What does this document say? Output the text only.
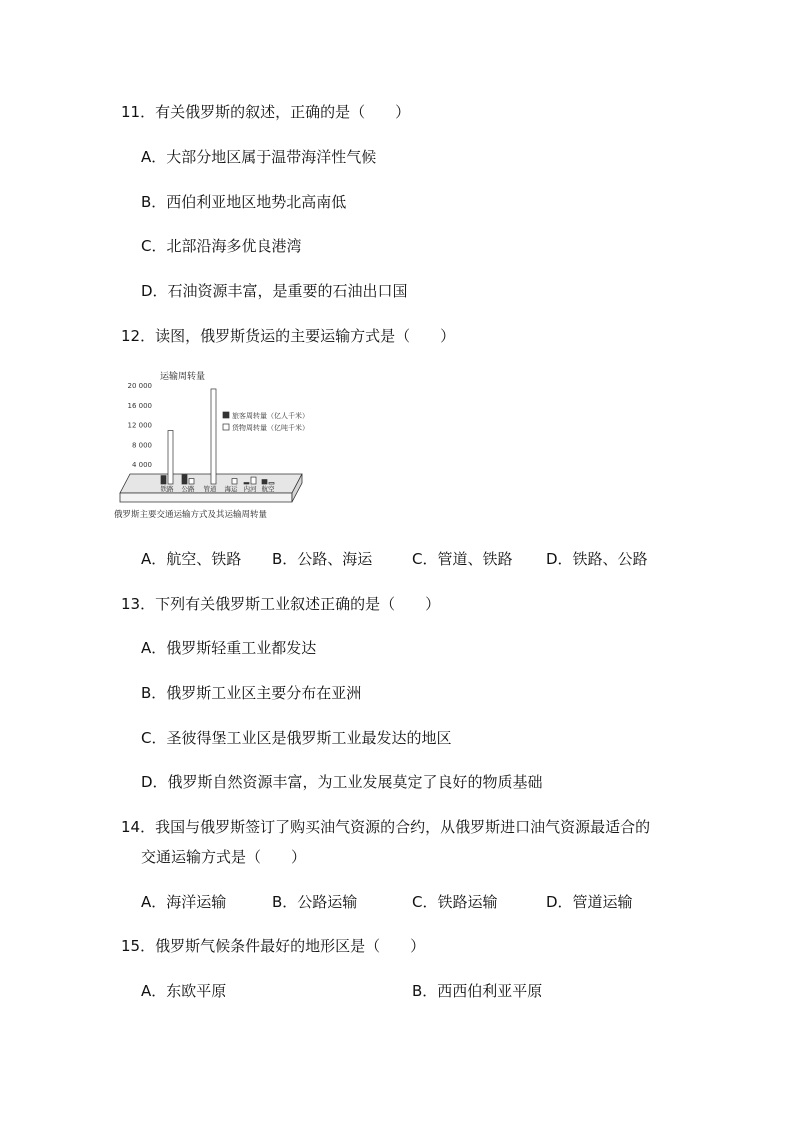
11．有关俄罗斯的叙述，正确的是（　　）
A．大部分地区属于温带海洋性气候
B．西伯利亚地区地势北高南低
C．北部沿海多优良港湾
D．石油资源丰富，是重要的石油出口国
12．读图，俄罗斯货运的主要运输方式是（　　）
运输周转量
4 000
8 000
12 000
16 000
20 000
铁路 公路 管道 海运 内河 航空
旅客周转量（亿人千米）
货物周转量（亿吨千米）
俄罗斯主要交通运输方式及其运输周转量
A．航空、铁路 B．公路、海运	C．管道、铁路 D．铁路、公路
13．下列有关俄罗斯工业叙述正确的是（　　）
A．俄罗斯轻重工业都发达
B．俄罗斯工业区主要分布在亚洲
C．圣彼得堡工业区是俄罗斯工业最发达的地区
D．俄罗斯自然资源丰富，为工业发展莫定了良好的物质基础
14．我国与俄罗斯签订了购买油气资源的合约，从俄罗斯进口油气资源最适合的
交通运输方式是（　　）
A．海洋运输	B．公路运输	C．铁路运输	D．管道运输
15．俄罗斯气候条件最好的地形区是（　　）
A．东欧平原	B．西西伯利亚平原
